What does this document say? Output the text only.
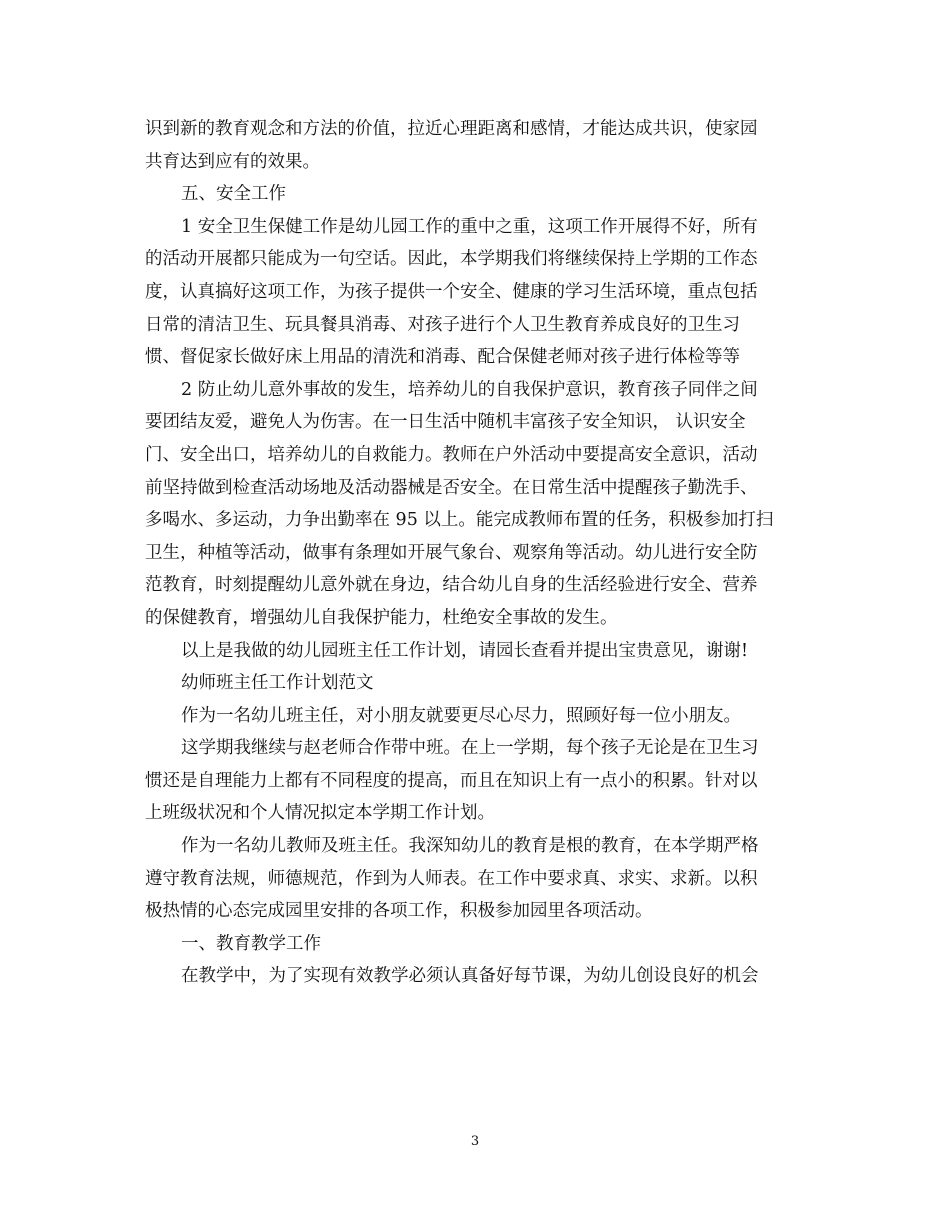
识到新的教育观念和方法的价值，拉近心理距离和感情，才能达成共识，使家园
共育达到应有的效果。
五、安全工作
1 安全卫生保健工作是幼儿园工作的重中之重，这项工作开展得不好，所有
的活动开展都只能成为一句空话。因此，本学期我们将继续保持上学期的工作态
度，认真搞好这项工作，为孩子提供一个安全、健康的学习生活环境，重点包括
日常的清洁卫生、玩具餐具消毒、对孩子进行个人卫生教育养成良好的卫生习
惯、督促家长做好床上用品的清洗和消毒、配合保健老师对孩子进行体检等等
2 防止幼儿意外事故的发生，培养幼儿的自我保护意识，教育孩子同伴之间
要团结友爱，避免人为伤害。在一日生活中随机丰富孩子安全知识， 认识安全
门、安全出口，培养幼儿的自救能力。教师在户外活动中要提高安全意识，活动
前坚持做到检查活动场地及活动器械是否安全。在日常生活中提醒孩子勤洗手、
多喝水、多运动，力争出勤率在 95 以上。能完成教师布置的任务，积极参加打扫
卫生，种植等活动，做事有条理如开展气象台、观察角等活动。幼儿进行安全防
范教育，时刻提醒幼儿意外就在身边，结合幼儿自身的生活经验进行安全、营养
的保健教育，增强幼儿自我保护能力，杜绝安全事故的发生。
以上是我做的幼儿园班主任工作计划，请园长查看并提出宝贵意见，谢谢!
幼师班主任工作计划范文
作为一名幼儿班主任，对小朋友就要更尽心尽力，照顾好每一位小朋友。
这学期我继续与赵老师合作带中班。在上一学期，每个孩子无论是在卫生习
惯还是自理能力上都有不同程度的提高，而且在知识上有一点小的积累。针对以
上班级状况和个人情况拟定本学期工作计划。
作为一名幼儿教师及班主任。我深知幼儿的教育是根的教育，在本学期严格
遵守教育法规，师德规范，作到为人师表。在工作中要求真、求实、求新。以积
极热情的心态完成园里安排的各项工作，积极参加园里各项活动。
一、教育教学工作
在教学中，为了实现有效教学必须认真备好每节课，为幼儿创设良好的机会
3
